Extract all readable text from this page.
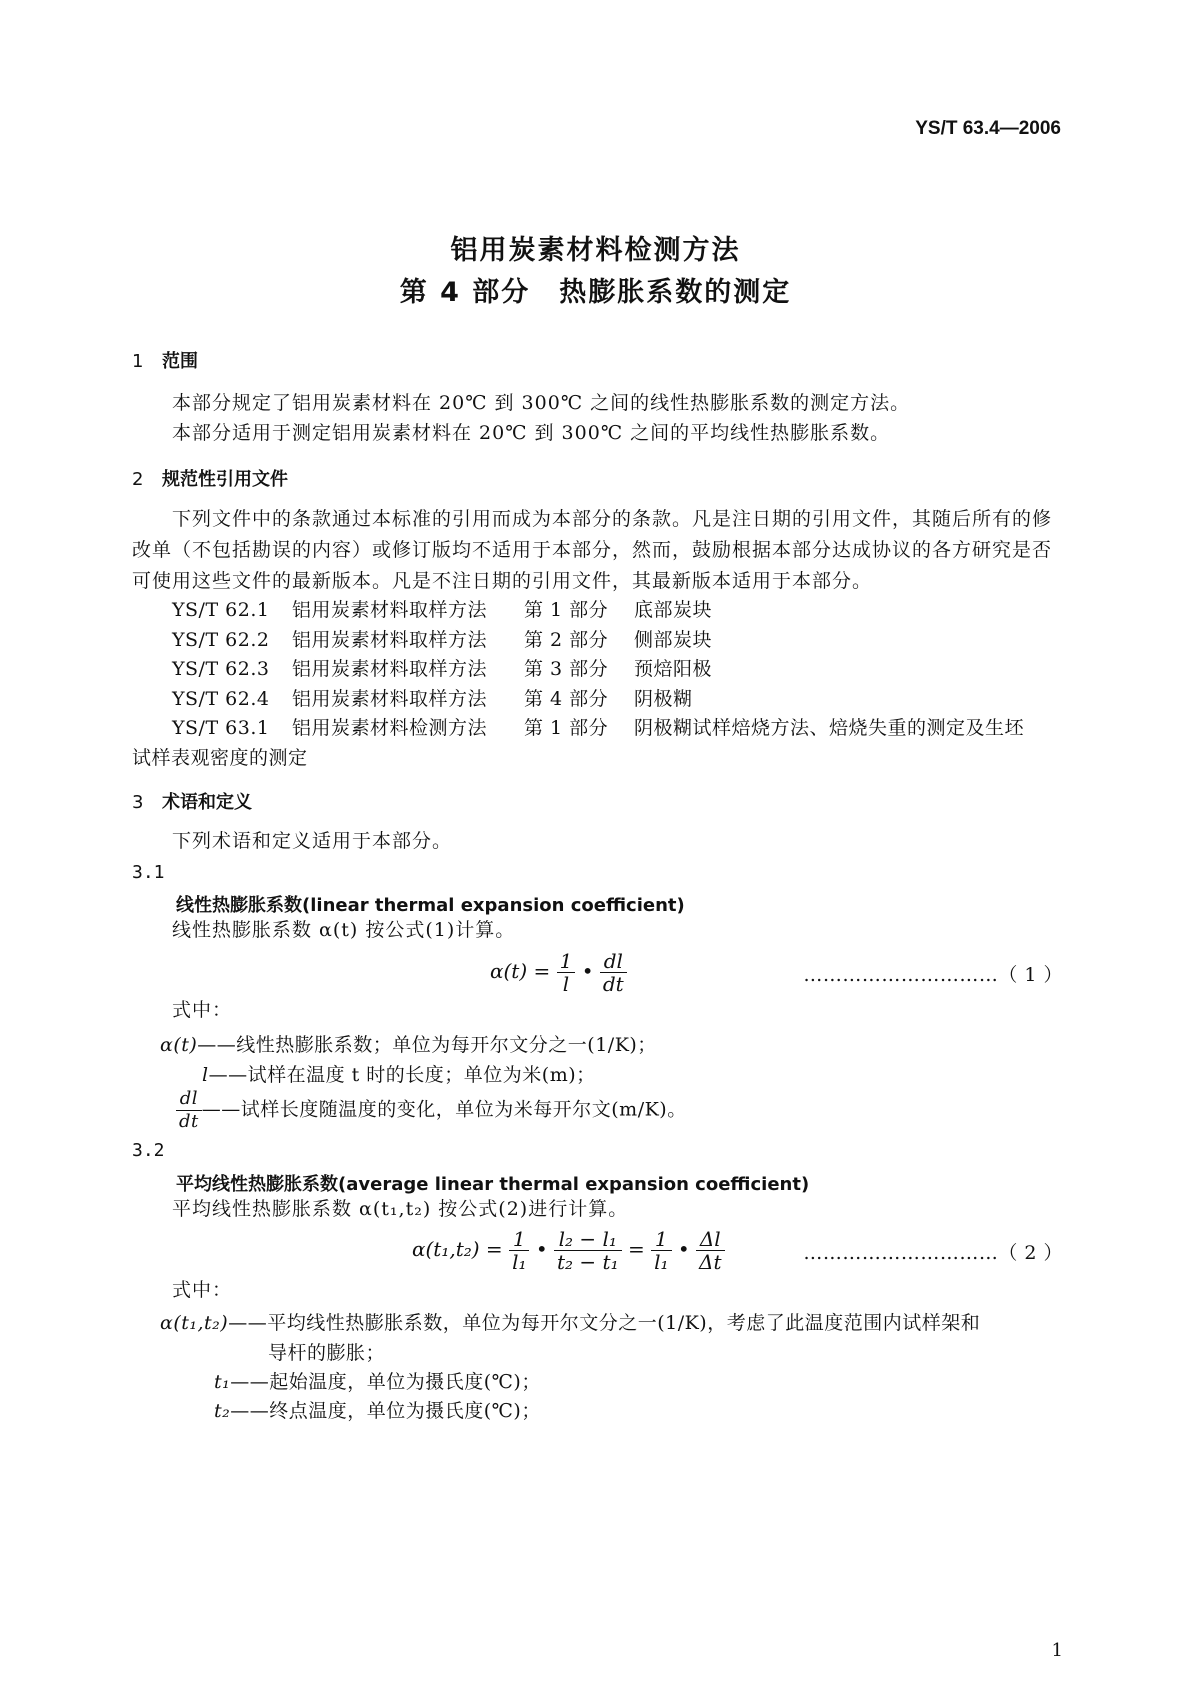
YS/T 63.4—2006
铝用炭素材料检测方法
第 4 部分　热膨胀系数的测定
1 范围
本部分规定了铝用炭素材料在 20℃ 到 300℃ 之间的线性热膨胀系数的测定方法。
本部分适用于测定铝用炭素材料在 20℃ 到 300℃ 之间的平均线性热膨胀系数。
2 规范性引用文件
下列文件中的条款通过本标准的引用而成为本部分的条款。凡是注日期的引用文件，其随后所有的修改单（不包括勘误的内容）或修订版均不适用于本部分，然而，鼓励根据本部分达成协议的各方研究是否可使用这些文件的最新版本。凡是不注日期的引用文件，其最新版本适用于本部分。
YS/T 62.1 铝用炭素材料取样方法 第 1 部分 底部炭块
YS/T 62.2 铝用炭素材料取样方法 第 2 部分 侧部炭块
YS/T 62.3 铝用炭素材料取样方法 第 3 部分 预焙阳极
YS/T 62.4 铝用炭素材料取样方法 第 4 部分 阴极糊
YS/T 63.1 铝用炭素材料检测方法 第 1 部分 阴极糊试样焙烧方法、焙烧失重的测定及生坯
试样表观密度的测定
3 术语和定义
下列术语和定义适用于本部分。
3.1
线性热膨胀系数(linear thermal expansion coefficient)
线性热膨胀系数 α(t) 按公式(1)计算。
$\alpha(t) = \frac{1}{l}$ • $\frac{dl}{dt}$	…………………………（ 1 ）
式中：
α(t)——线性热膨胀系数；单位为每开尔文分之一(1/K)；
l——试样在温度 t 时的长度；单位为米(m)；
$\frac{dl}{dt}$ ——试样长度随温度的变化，单位为米每开尔文(m/K)。
3.2
平均线性热膨胀系数(average linear thermal expansion coefficient)
平均线性热膨胀系数 α(t₁,t₂) 按公式(2)进行计算。
$\alpha(t_1,t_2) = \frac{1}{\text{l₁}}$ • $\frac{\text{l₂ − l₁}}{\text{t₂ − t₁}} = \frac{1}{\text{l₁}}$ • $\frac{\Delta l}{\Delta t}$	…………………………（ 2 ）
式中：
α(t₁,t₂)——平均线性热膨胀系数，单位为每开尔文分之一(1/K)，考虑了此温度范围内试样架和
导杆的膨胀；
t₁——起始温度，单位为摄氏度(℃)；
t₂——终点温度，单位为摄氏度(℃)；
1
